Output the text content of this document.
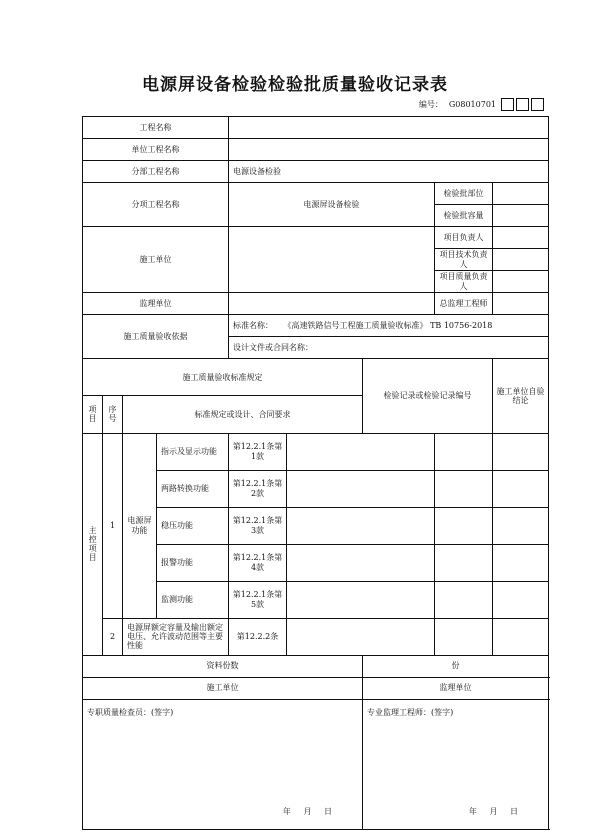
电源屏设备检验检验批质量验收记录表
编号： G08010701
工程名称									
单位工程名称									
分部工程名称				电源设备检验					
分项工程名称				电源屏设备检验			检验批部位		
							检验批容量		
施工单位							项目负责人		
							项目技术负责人		
							项目质量负责人		
监理单位							总监理工程师		
施工质量验收依据				标准名称： 《高速铁路信号工程施工质量验收标准》 TB 10756-2018					
				设计文件或合同名称：					
施工质量验收标准规定						检验记录或检验记录编号		施工单位自验结论	
项目	序号	标准规定或设计、合同要求							
主控项目	1	电源屏功能	指示及显示功能	第12.2.1条第1款					
			两路转换功能	第12.2.1条第2款					
			稳压功能	第12.2.1条第3款					
			报警功能	第12.2.1条第4款					
			监测功能	第12.2.1条第5款					
	2	电源屏额定容量及输出额定电压、允许波动范围等主要性能		第12.2.2条					
资料份数						份			
施工单位						监理单位			
专职质量检查员：(签字)
年 月 日						专业监理工程师：(签字)
年 月 日			
